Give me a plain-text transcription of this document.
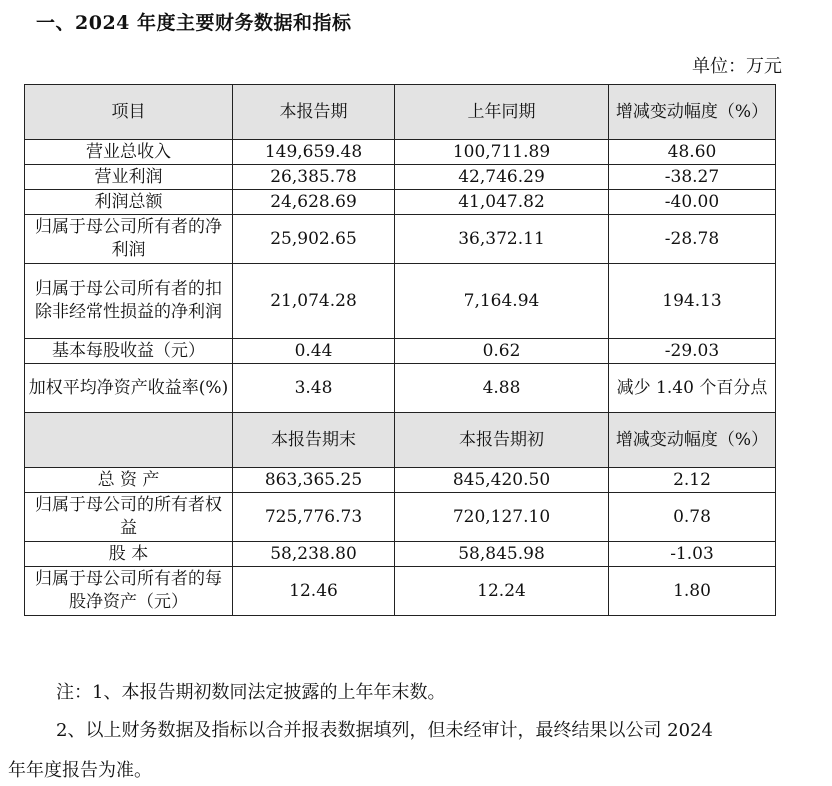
一、2024 年度主要财务数据和指标
单位：万元
项目	本报告期	上年同期	增减变动幅度（%）
营业总收入	149,659.48	100,711.89	48.60
营业利润	26,385.78	42,746.29	-38.27
利润总额	24,628.69	41,047.82	-40.00
归属于母公司所有者的净利润	25,902.65	36,372.11	-28.78
归属于母公司所有者的扣除非经常性损益的净利润	21,074.28	7,164.94	194.13
基本每股收益（元）	0.44	0.62	-29.03
加权平均净资产收益率(%)	3.48	4.88	减少 1.40 个百分点
	本报告期末	本报告期初	增减变动幅度（%）
总 资 产	863,365.25	845,420.50	2.12
归属于母公司的所有者权益	725,776.73	720,127.10	0.78
股 本	58,238.80	58,845.98	-1.03
归属于母公司所有者的每股净资产（元）	12.46	12.24	1.80
注：1、本报告期初数同法定披露的上年年末数。
2、以上财务数据及指标以合并报表数据填列，但未经审计，最终结果以公司 2024
年年度报告为准。
